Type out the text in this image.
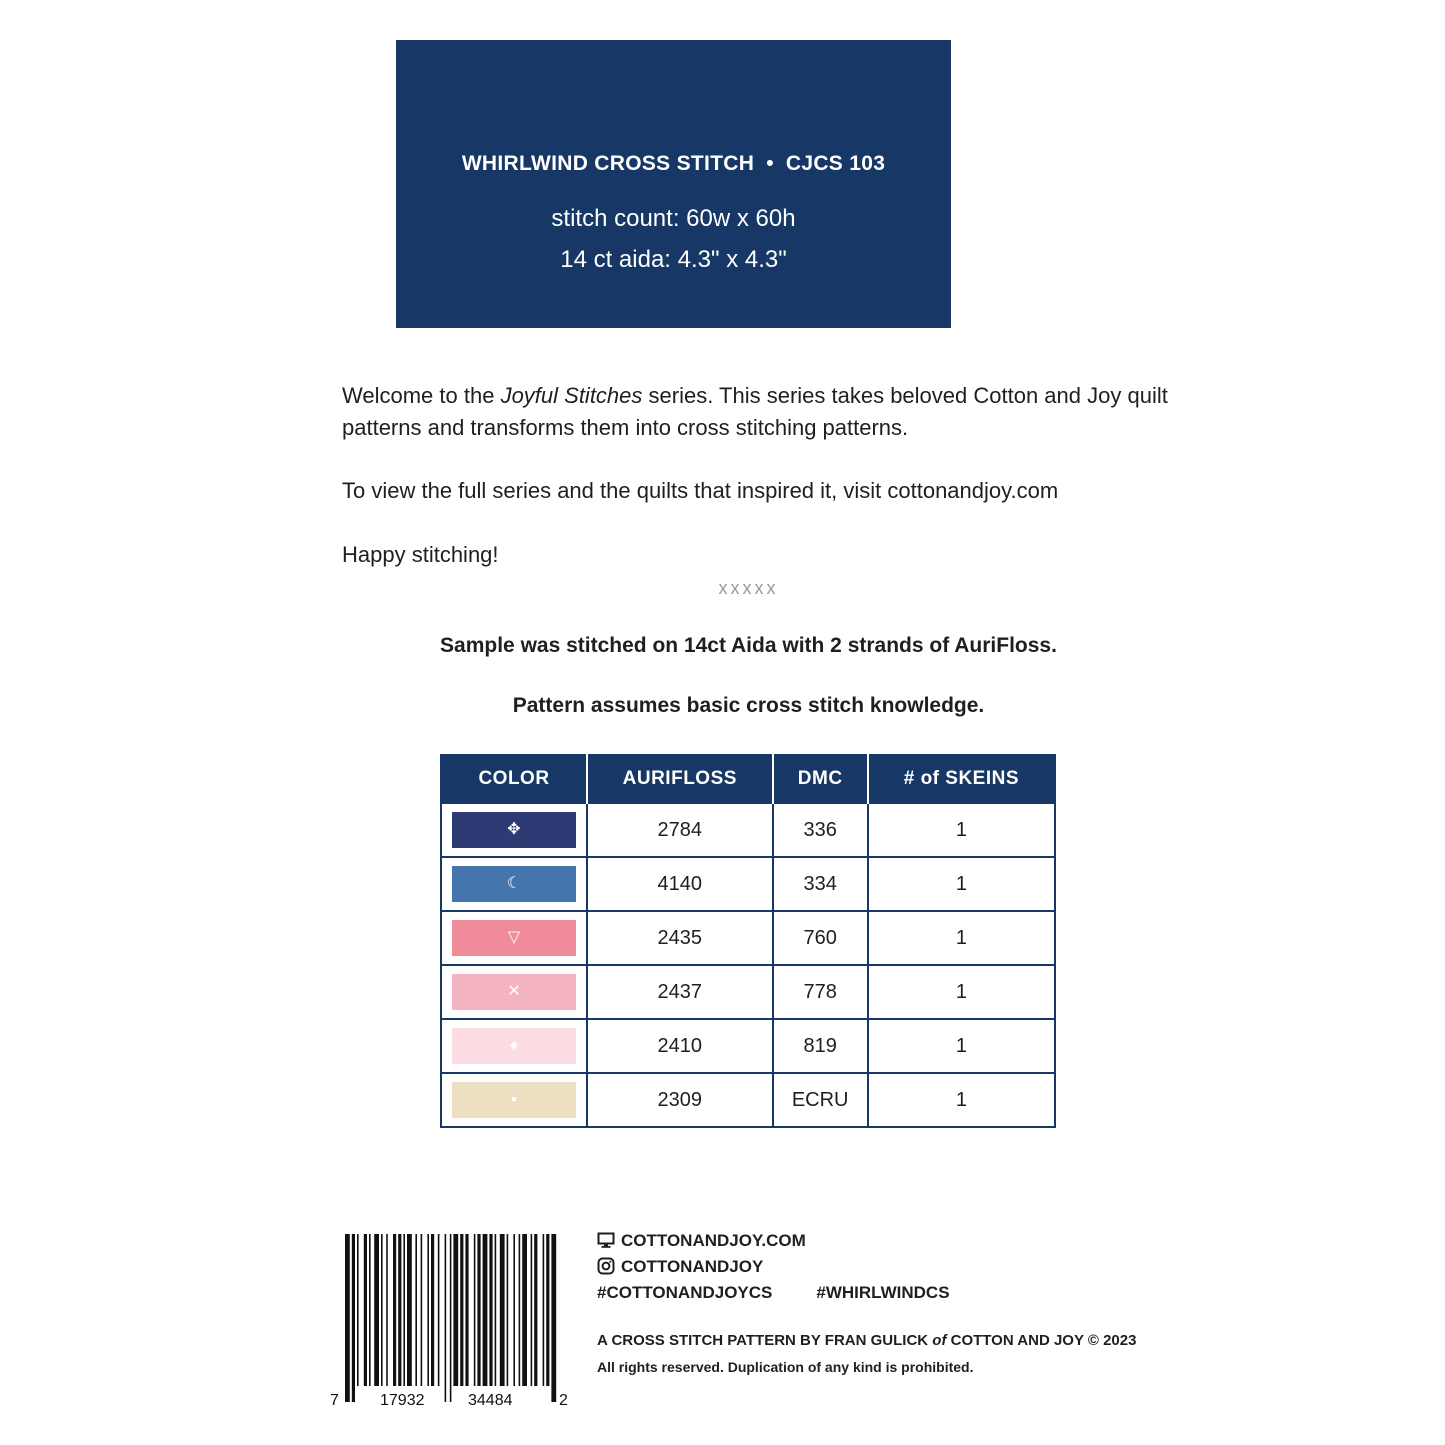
WHIRLWIND CROSS STITCH • CJCS 103
stitch count: 60w x 60h
14 ct aida: 4.3" x 4.3"

Welcome to the Joyful Stitches series. This series takes beloved Cotton and Joy quilt patterns and transforms them into cross stitching patterns.

To view the full series and the quilts that inspired it, visit cottonandjoy.com
Happy stitching!
xxxxx
Sample was stitched on 14ct Aida with 2 strands of AuriFloss.
Pattern assumes basic cross stitch knowledge.
COLOR	AURIFLOSS	DMC	# of SKEINS

✥	2784	336	1

☾	4140	334	1

▽	2435	760	1

✕	2437	778	1

♦	2410	819	1

▪	2309	ECRU	1
7	17932	34484	2
COTTONANDJOY.COM
COTTONANDJOY
#COTTONANDJOYCS	#WHIRLWINDCS
A CROSS STITCH PATTERN BY FRAN GULICK of COTTON AND JOY © 2023
All rights reserved. Duplication of any kind is prohibited.
